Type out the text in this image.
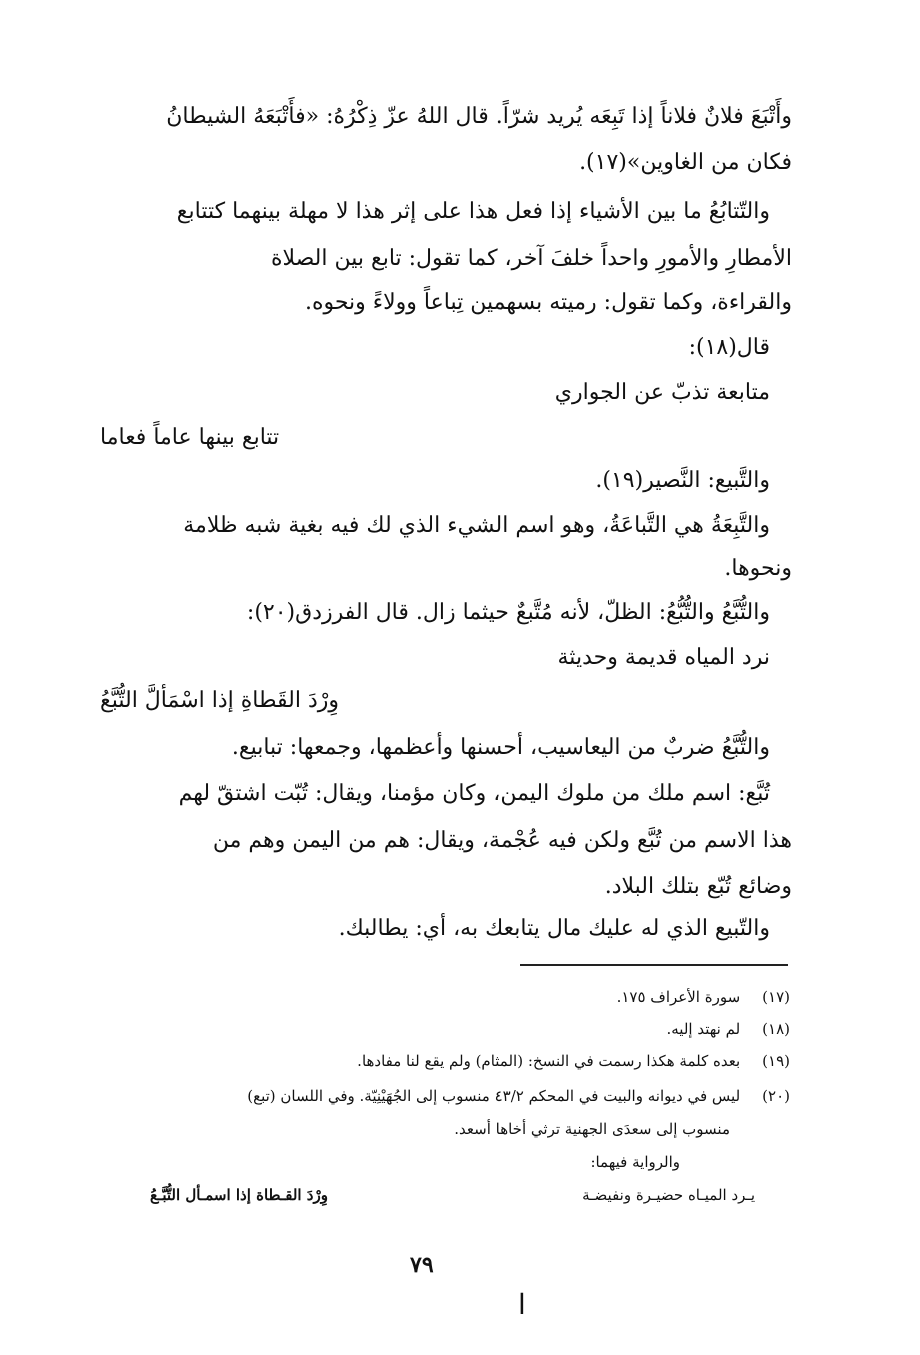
وأَتْبَعَ فلانٌ فلاناً إذا تَبِعَه يُريد شرّاً. قال اللهُ عزّ ذِكْرُهُ: «فأَتْبَعَهُ الشيطانُ
فكان من الغاوين»(١٧).
والتّتابُعُ ما بين الأشياء إذا فعل هذا على إثر هذا لا مهلة بينهما كتتابع
الأمطارِ والأمورِ واحداً خلفَ آخر، كما تقول: تابع بين الصلاة
والقراءة، وكما تقول: رميته بسهمين تِباعاً وولاءً ونحوه.
قال(١٨):
متابعة تذبّ عن الجواري
تتابع بينها عاماً فعاما
والتَّبيع: النَّصير(١٩).
والتَّبِعَةُ هي التَّباعَةُ، وهو اسم الشيء الذي لك فيه بغية شبه ظلامة
ونحوها.
والتُّبَّعُ والتُّبُّعُ: الظلّ، لأنه مُتَّبعٌ حيثما زال. قال الفرزدق(٢٠):
نرد المياه قديمة وحديثة
وِرْدَ القَطاةِ إذا اسْمَألَّ التُّبَّعُ
والتُّبَّعُ ضربٌ من اليعاسيب، أحسنها وأعظمها، وجمعها: تبابيع.
تُبَّع: اسم ملك من ملوك اليمن، وكان مؤمنا، ويقال: تُبّت اشتقّ لهم
هذا الاسم من تُبَّع ولكن فيه عُجْمة، ويقال: هم من اليمن وهم من
وضائع تُبّع بتلك البلاد.
والتّبيع الذي له عليك مال يتابعك به، أي: يطالبك.
(١٧)سورة الأعراف ١٧٥.
(١٨)لم نهتد إليه.
(١٩)بعده كلمة هكذا رسمت في النسخ: (المثام) ولم يقع لنا مفادها.
(٢٠)ليس في ديوانه والبيت في المحكم ٤٣/٢ منسوب إلى الجُهَيْنِيّة. وفي اللسان (تبع)
منسوب إلى سعدَى الجهنية ترثي أخاها أسعد.
والرواية فيهما:
يـرد الميـاه حضيـرة ونفيضـة
وِرْدَ القـطاة إذا اسمـأل التُّبَّـعُ
٧٩
ا
